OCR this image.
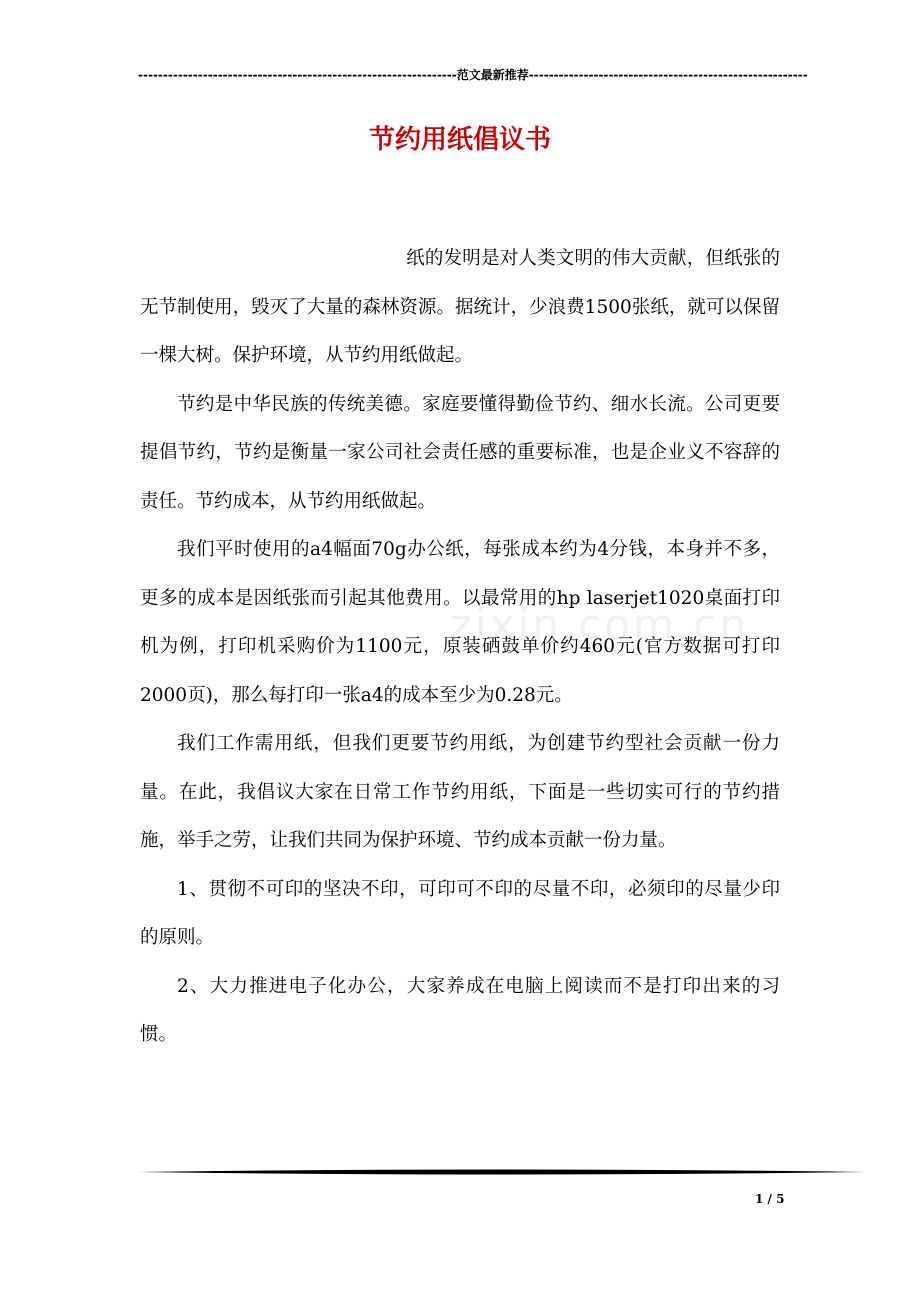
----------------------------------------------------------------范文最新推荐--------------------------------------------------------
节约用纸倡议书
zixin.com.cn

纸的发明是对人类文明的伟大贡献，但纸张的无节制使用，毁灭了大量的森林资源。据统计，少浪费1500张纸，就可以保留一棵大树。保护环境，从节约用纸做起。

节约是中华民族的传统美德。家庭要懂得勤俭节约、细水长流。公司更要提倡节约，节约是衡量一家公司社会责任感的重要标准，也是企业义不容辞的责任。节约成本，从节约用纸做起。

我们平时使用的a4幅面70g办公纸，每张成本约为4分钱，本身并不多，更多的成本是因纸张而引起其他费用。以最常用的hp laserjet1020桌面打印机为例，打印机采购价为1100元，原装硒鼓单价约460元(官方数据可打印2000页)，那么每打印一张a4的成本至少为0.28元。

我们工作需用纸，但我们更要节约用纸，为创建节约型社会贡献一份力量。在此，我倡议大家在日常工作节约用纸，下面是一些切实可行的节约措施，举手之劳，让我们共同为保护环境、节约成本贡献一份力量。

1、贯彻不可印的坚决不印，可印可不印的尽量不印，必须印的尽量少印的原则。

2、大力推进电子化办公，大家养成在电脑上阅读而不是打印出来的习惯。

1 / 5
